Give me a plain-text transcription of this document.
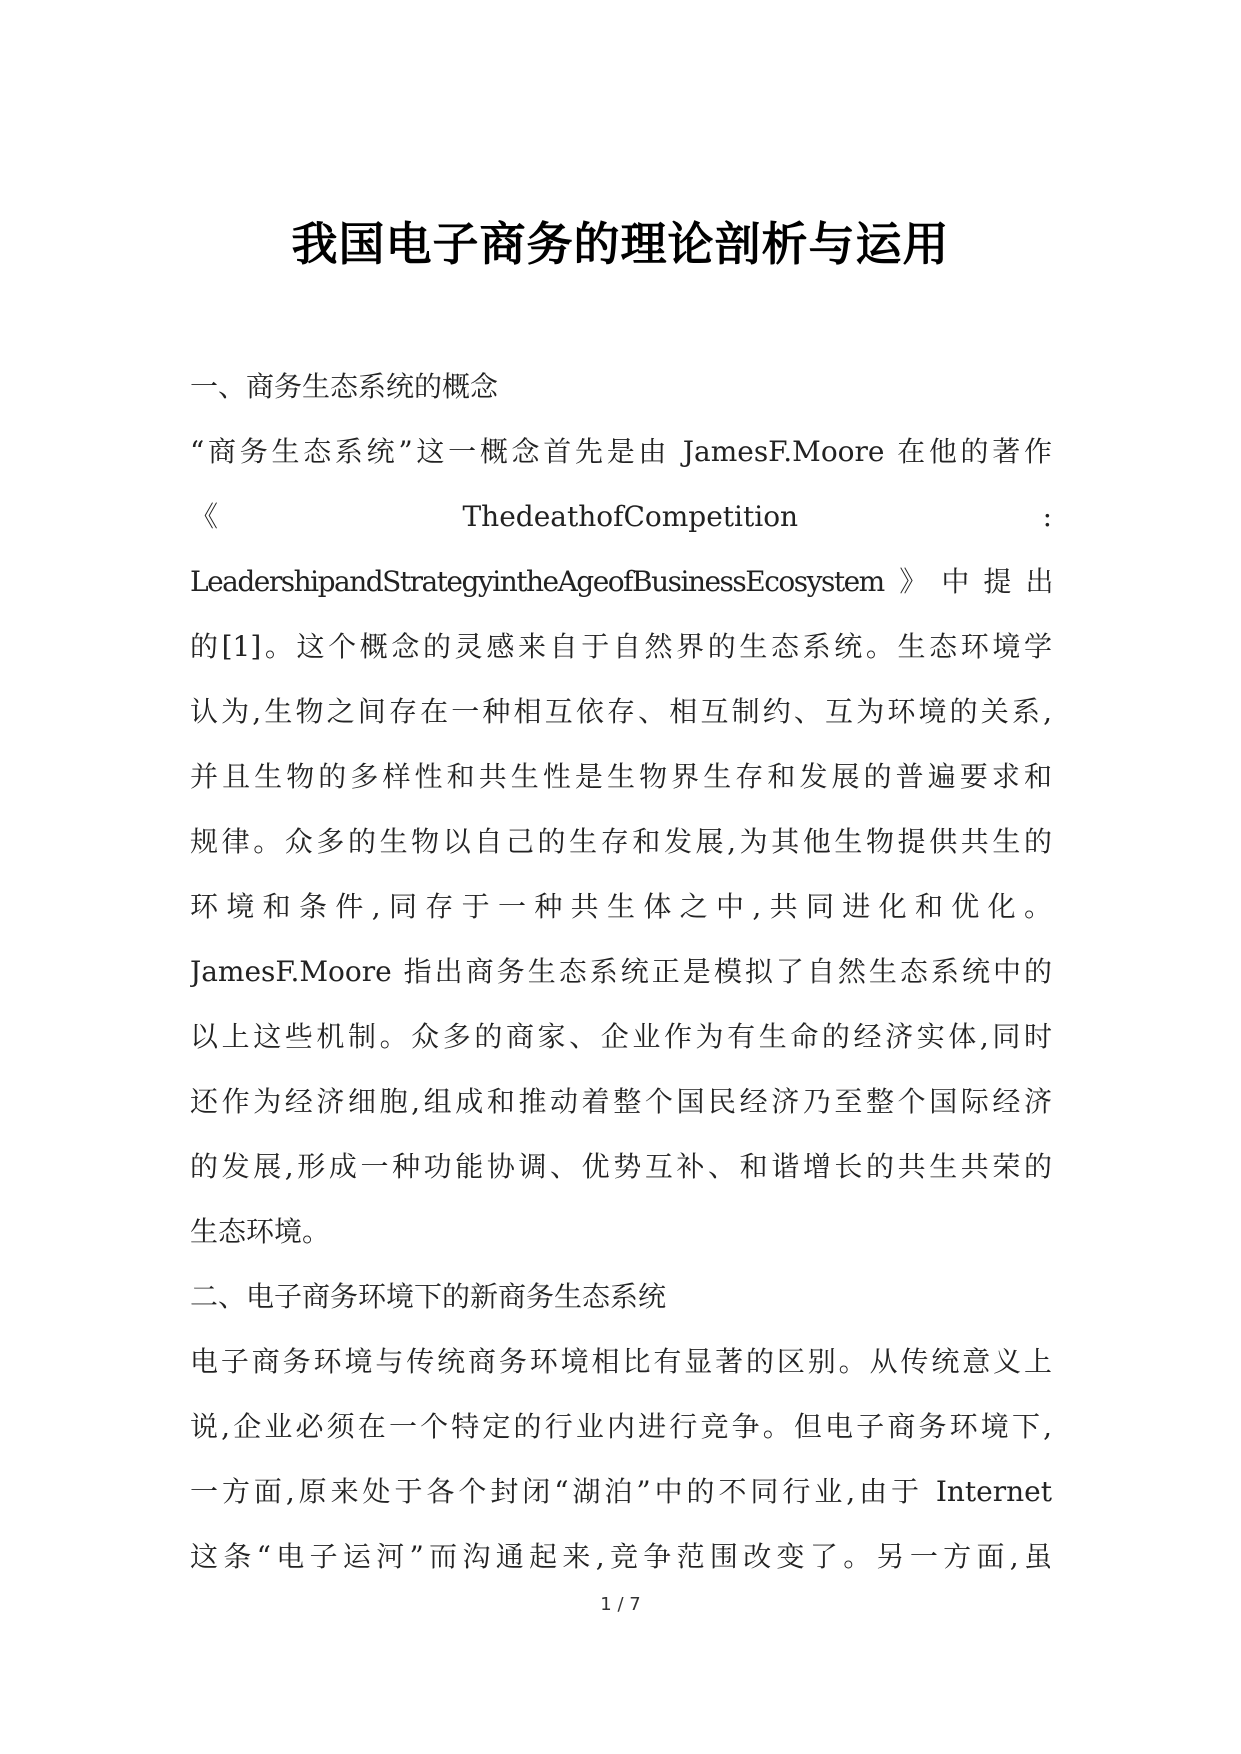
我国电子商务的理论剖析与运用
一、商务生态系统的概念
“商务生态系统”这一概念首先是由 JamesF.Moore 在他的著作
《	ThedeathofCompetition	:
LeadershipandStrategyintheAgeofBusinessEcosystem》中提出
的[1]。这个概念的灵感来自于自然界的生态系统。生态环境学
认为,生物之间存在一种相互依存、相互制约、互为环境的关系,
并且生物的多样性和共生性是生物界生存和发展的普遍要求和
规律。众多的生物以自己的生存和发展,为其他生物提供共生的
环境和条件,同存于一种共生体之中,共同进化和优化。
JamesF.Moore 指出商务生态系统正是模拟了自然生态系统中的
以上这些机制。众多的商家、企业作为有生命的经济实体,同时
还作为经济细胞,组成和推动着整个国民经济乃至整个国际经济
的发展,形成一种功能协调、优势互补、和谐增长的共生共荣的
生态环境。
二、电子商务环境下的新商务生态系统
电子商务环境与传统商务环境相比有显著的区别。从传统意义上
说,企业必须在一个特定的行业内进行竞争。但电子商务环境下,
一方面,原来处于各个封闭“湖泊”中的不同行业,由于 Internet
这条“电子运河”而沟通起来,竞争范围改变了。另一方面,虽
1 / 7
